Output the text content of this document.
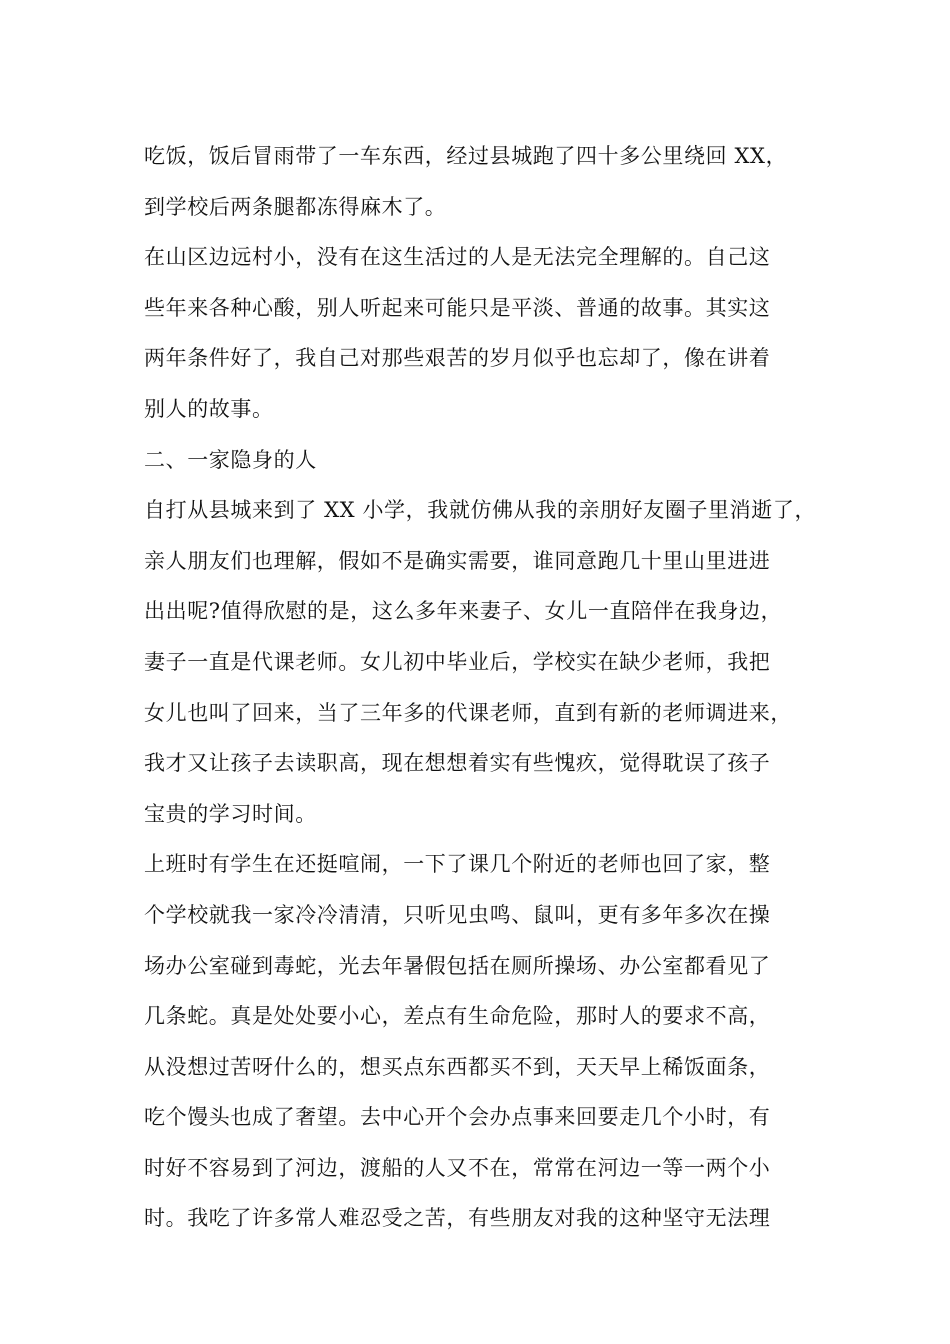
吃饭，饭后冒雨带了一车东西，经过县城跑了四十多公里绕回 XX，
到学校后两条腿都冻得麻木了。
在山区边远村小，没有在这生活过的人是无法完全理解的。自己这
些年来各种心酸，别人听起来可能只是平淡、普通的故事。其实这
两年条件好了，我自己对那些艰苦的岁月似乎也忘却了，像在讲着
别人的故事。
二、一家隐身的人
自打从县城来到了 XX 小学，我就仿佛从我的亲朋好友圈子里消逝了，
亲人朋友们也理解，假如不是确实需要，谁同意跑几十里山里进进
出出呢?值得欣慰的是，这么多年来妻子、女儿一直陪伴在我身边，
妻子一直是代课老师。女儿初中毕业后，学校实在缺少老师，我把
女儿也叫了回来，当了三年多的代课老师，直到有新的老师调进来，
我才又让孩子去读职高，现在想想着实有些愧疚，觉得耽误了孩子
宝贵的学习时间。
上班时有学生在还挺喧闹，一下了课几个附近的老师也回了家，整
个学校就我一家冷冷清清，只听见虫鸣、鼠叫，更有多年多次在操
场办公室碰到毒蛇，光去年暑假包括在厕所操场、办公室都看见了
几条蛇。真是处处要小心，差点有生命危险，那时人的要求不高，
从没想过苦呀什么的，想买点东西都买不到，天天早上稀饭面条，
吃个馒头也成了奢望。去中心开个会办点事来回要走几个小时，有
时好不容易到了河边，渡船的人又不在，常常在河边一等一两个小
时。我吃了许多常人难忍受之苦，有些朋友对我的这种坚守无法理
